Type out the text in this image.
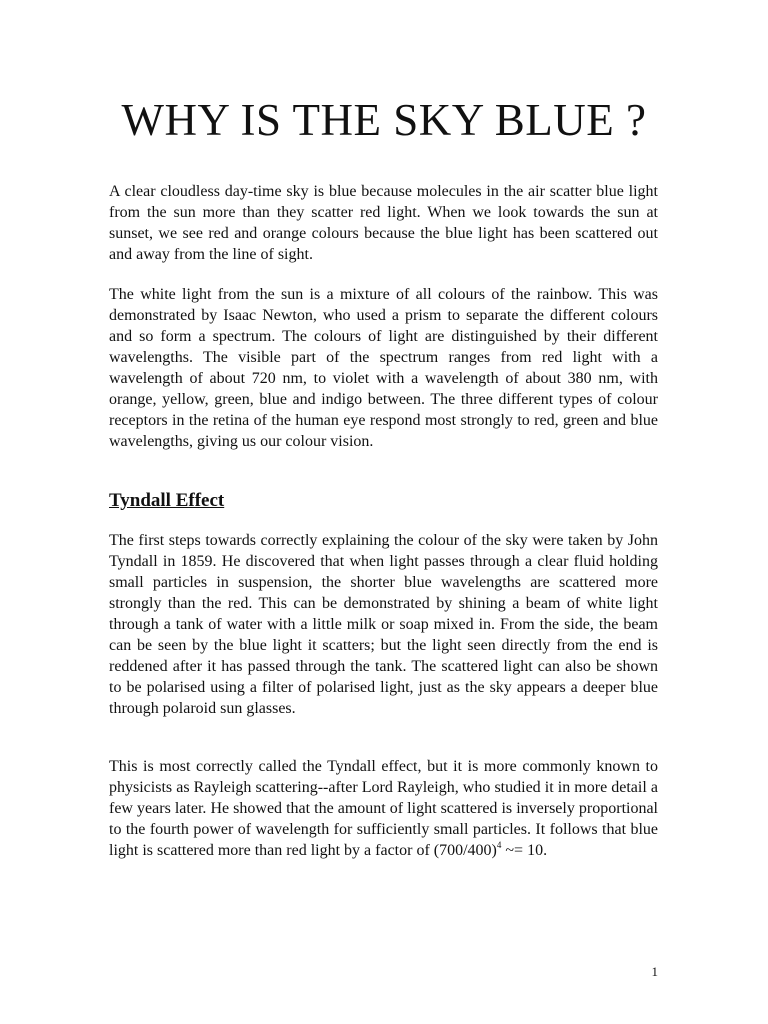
WHY IS THE SKY BLUE ?

A clear cloudless day-time sky is blue because molecules in the air scatter blue light from the sun more than they scatter red light. When we look towards the sun at sunset, we see red and orange colours because the blue light has been scattered out and away from the line of sight.

The white light from the sun is a mixture of all colours of the rainbow. This was demonstrated by Isaac Newton, who used a prism to separate the different colours and so form a spectrum. The colours of light are distinguished by their different wavelengths. The visible part of the spectrum ranges from red light with a wavelength of about 720 nm, to violet with a wavelength of about 380 nm, with orange, yellow, green, blue and indigo between. The three different types of colour receptors in the retina of the human eye respond most strongly to red, green and blue wavelengths, giving us our colour vision.

Tyndall Effect

The first steps towards correctly explaining the colour of the sky were taken by John Tyndall in 1859. He discovered that when light passes through a clear fluid holding small particles in suspension, the shorter blue wavelengths are scattered more strongly than the red. This can be demonstrated by shining a beam of white light through a tank of water with a little milk or soap mixed in. From the side, the beam can be seen by the blue light it scatters; but the light seen directly from the end is reddened after it has passed through the tank. The scattered light can also be shown to be polarised using a filter of polarised light, just as the sky appears a deeper blue through polaroid sun glasses.

This is most correctly called the Tyndall effect, but it is more commonly known to physicists as Rayleigh scattering--after Lord Rayleigh, who studied it in more detail a few years later. He showed that the amount of light scattered is inversely proportional to the fourth power of wavelength for sufficiently small particles. It follows that blue light is scattered more than red light by a factor of $(700/400)^4$ ~= 10.

1
